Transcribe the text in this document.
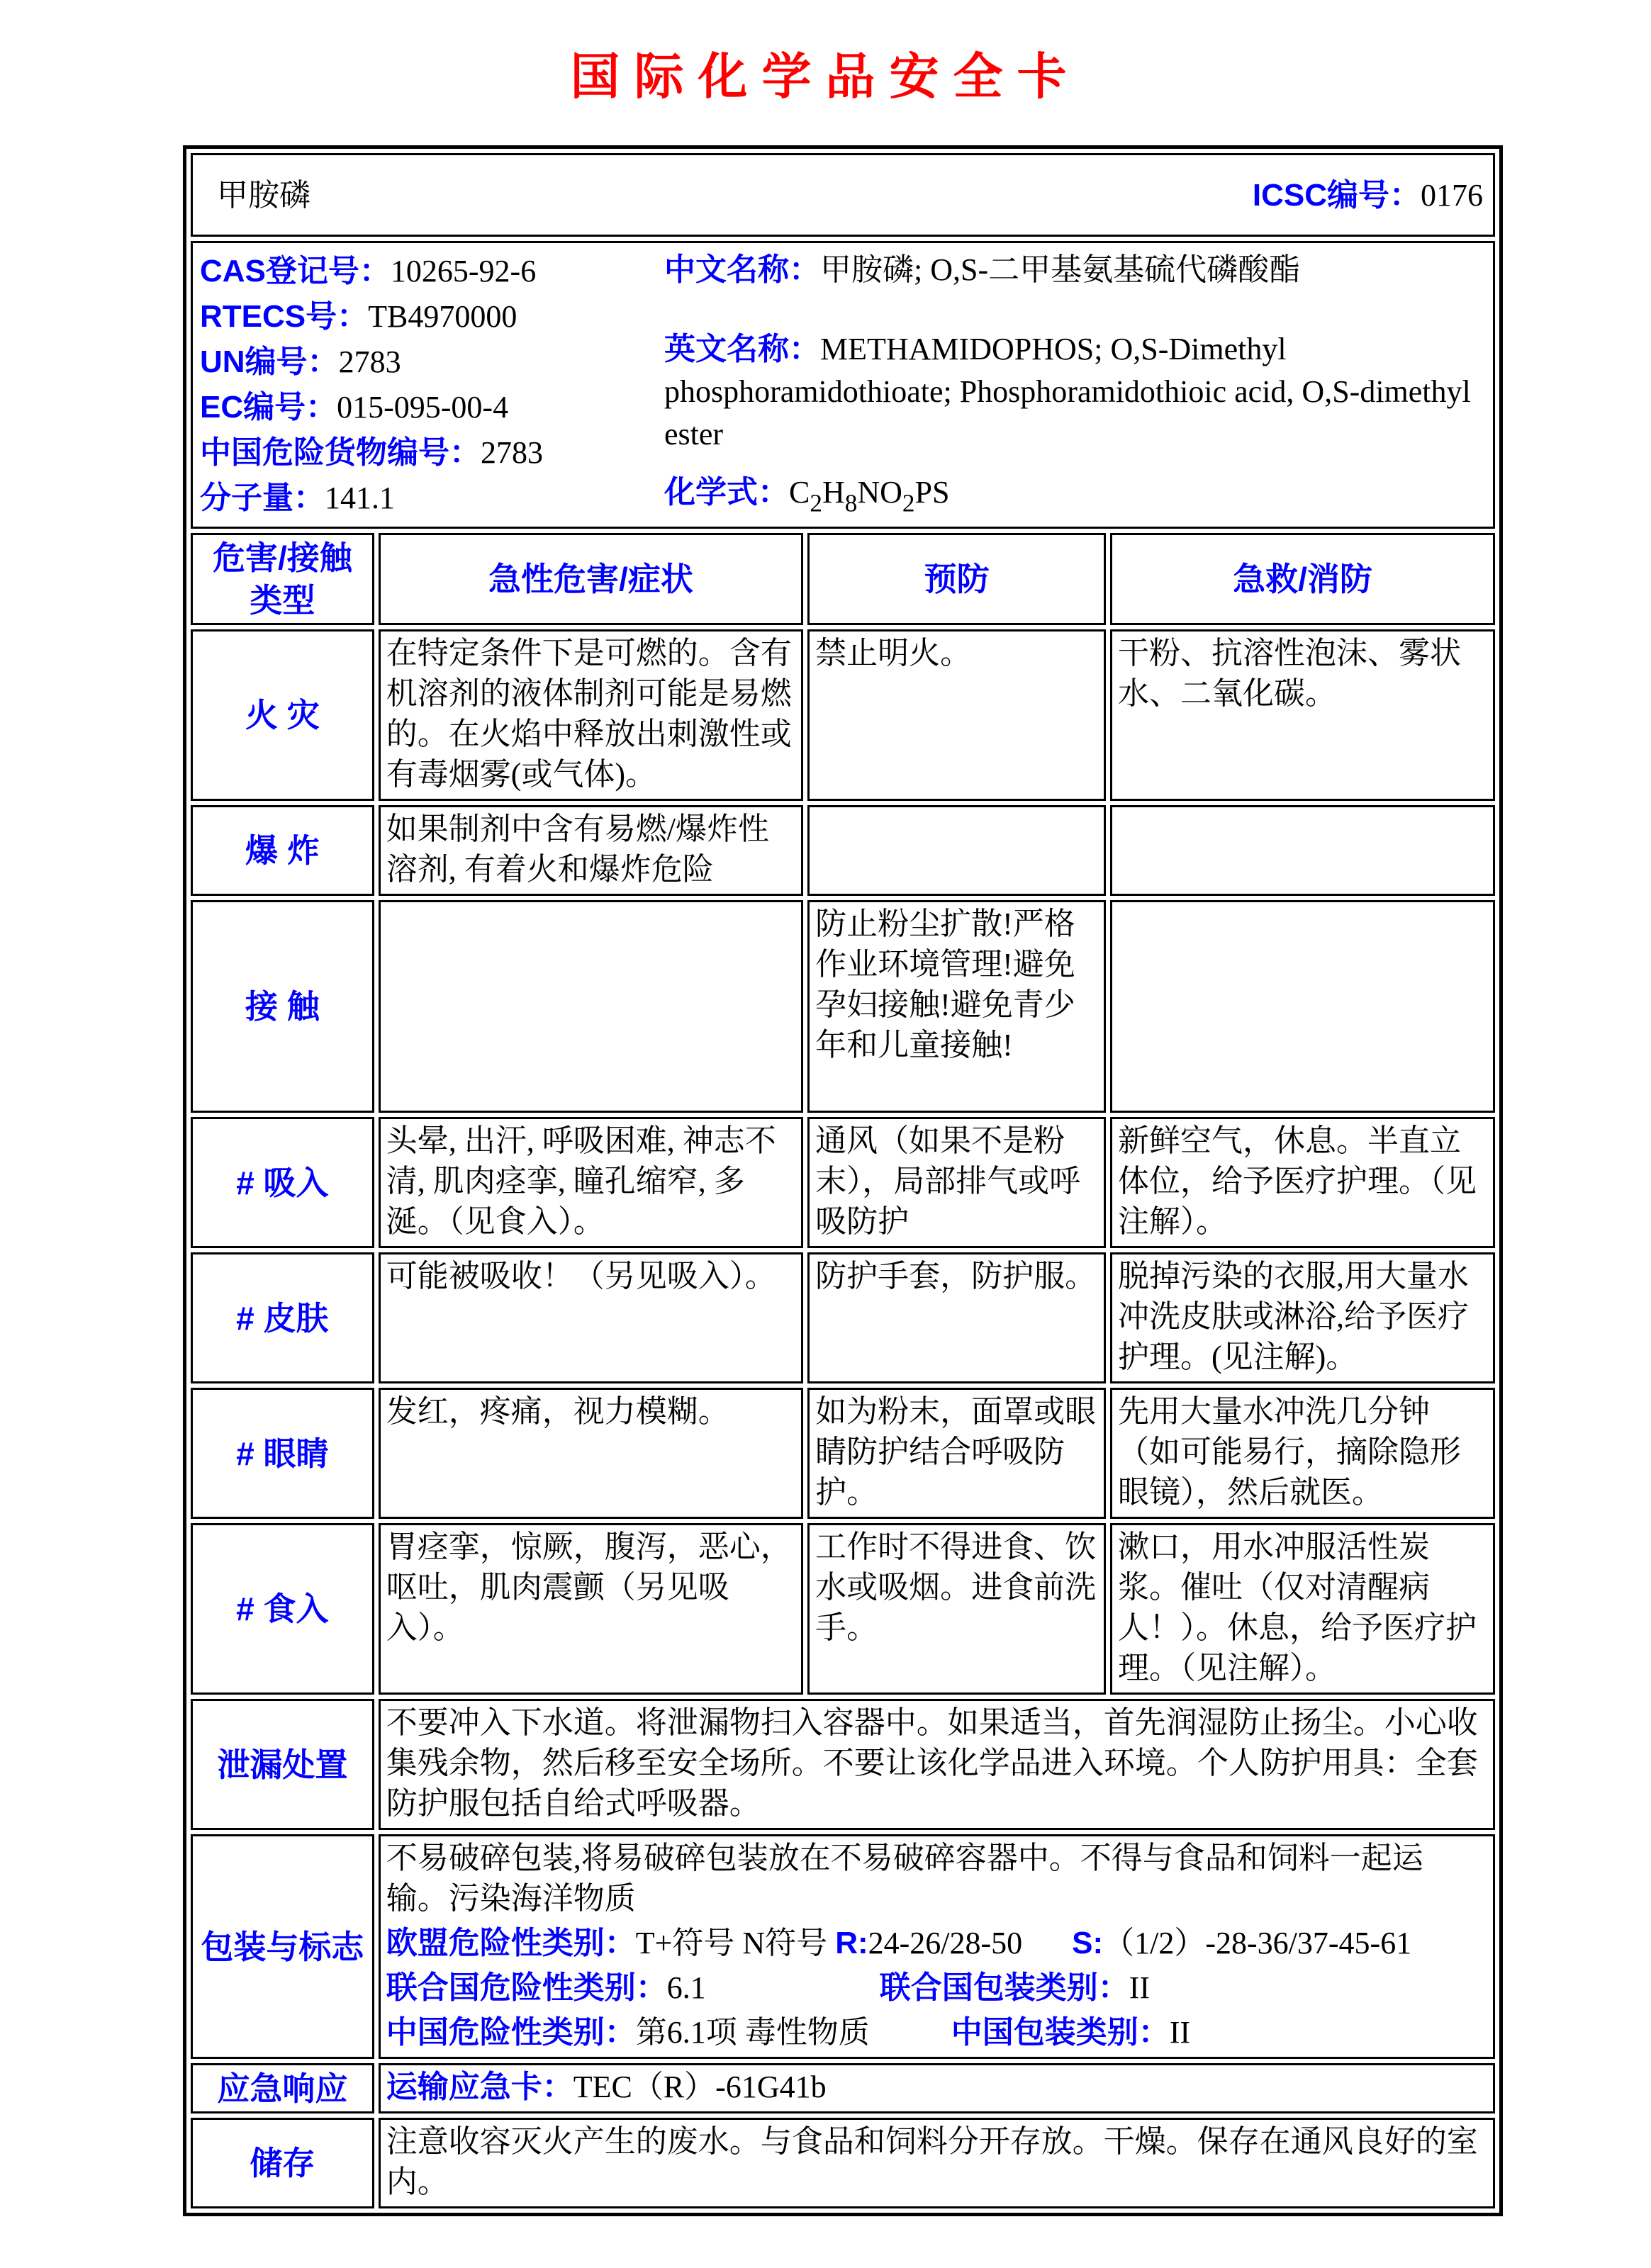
国际化学品安全卡
甲胺磷 ICSC编号：0176			

CAS登记号：10265-92-6
RTECS号：TB4970000
UN编号：2783
EC编号：015-095-00-4
中国危险货物编号：2783
分子量：141.1
中文名称：甲胺磷; O,S-二甲基氨基硫代磷酸酯
英文名称：METHAMIDOPHOS; O,S-Dimethyl phosphoramidothioate; Phosphoramidothioic acid, O,S-dimethyl ester
化学式：$C_2H_8NO_2PS$

危害/接触
类型	急性危害/症状	预防	急救/消防
火 灾	在特定条件下是可燃的。含有机溶剂的液体制剂可能是易燃的。在火焰中释放出刺激性或有毒烟雾(或气体)。	禁止明火。	干粉、抗溶性泡沫、雾状水、二氧化碳。
爆 炸	如果制剂中含有易燃/爆炸性溶剂, 有着火和爆炸危险		
接 触		防止粉尘扩散!严格作业环境管理!避免孕妇接触!避免青少年和儿童接触!	
# 吸入	头晕, 出汗, 呼吸困难, 神志不清, 肌肉痉挛, 瞳孔缩窄, 多涎。（见食入）。	通风（如果不是粉末），局部排气或呼吸防护	新鲜空气，休息。半直立体位，给予医疗护理。（见注解）。
# 皮肤	可能被吸收！（另见吸入）。	防护手套，防护服。	脱掉污染的衣服,用大量水冲洗皮肤或淋浴,给予医疗护理。(见注解)。
# 眼睛	发红，疼痛，视力模糊。	如为粉末，面罩或眼睛防护结合呼吸防护。	先用大量水冲洗几分钟（如可能易行，摘除隐形眼镜），然后就医。
# 食入	胃痉挛，惊厥，腹泻，恶心，呕吐，肌肉震颤（另见吸入）。	工作时不得进食、饮水或吸烟。进食前洗手。	漱口，用水冲服活性炭浆。催吐（仅对清醒病人！）。休息，给予医疗护理。（见注解）。
泄漏处置	不要冲入下水道。将泄漏物扫入容器中。如果适当，首先润湿防止扬尘。小心收集残余物，然后移至安全场所。不要让该化学品进入环境。个人防护用具：全套防护服包括自给式呼吸器。		
包装与标志	不易破碎包装,将易破碎包装放在不易破碎容器中。不得与食品和饲料一起运输。污染海洋物质
欧盟危险性类别：T+符号 N符号 R:24-26/28-50 S:（1/2）-28-36/37-45-61
联合国危险性类别：6.1 联合国包装类别：II
中国危险性类别：第6.1项 毒性物质 中国包装类别：II		

应急响应	运输应急卡：TEC（R）-61G41b		
储存	注意收容灭火产生的废水。与食品和饲料分开存放。干燥。保存在通风良好的室内。		
